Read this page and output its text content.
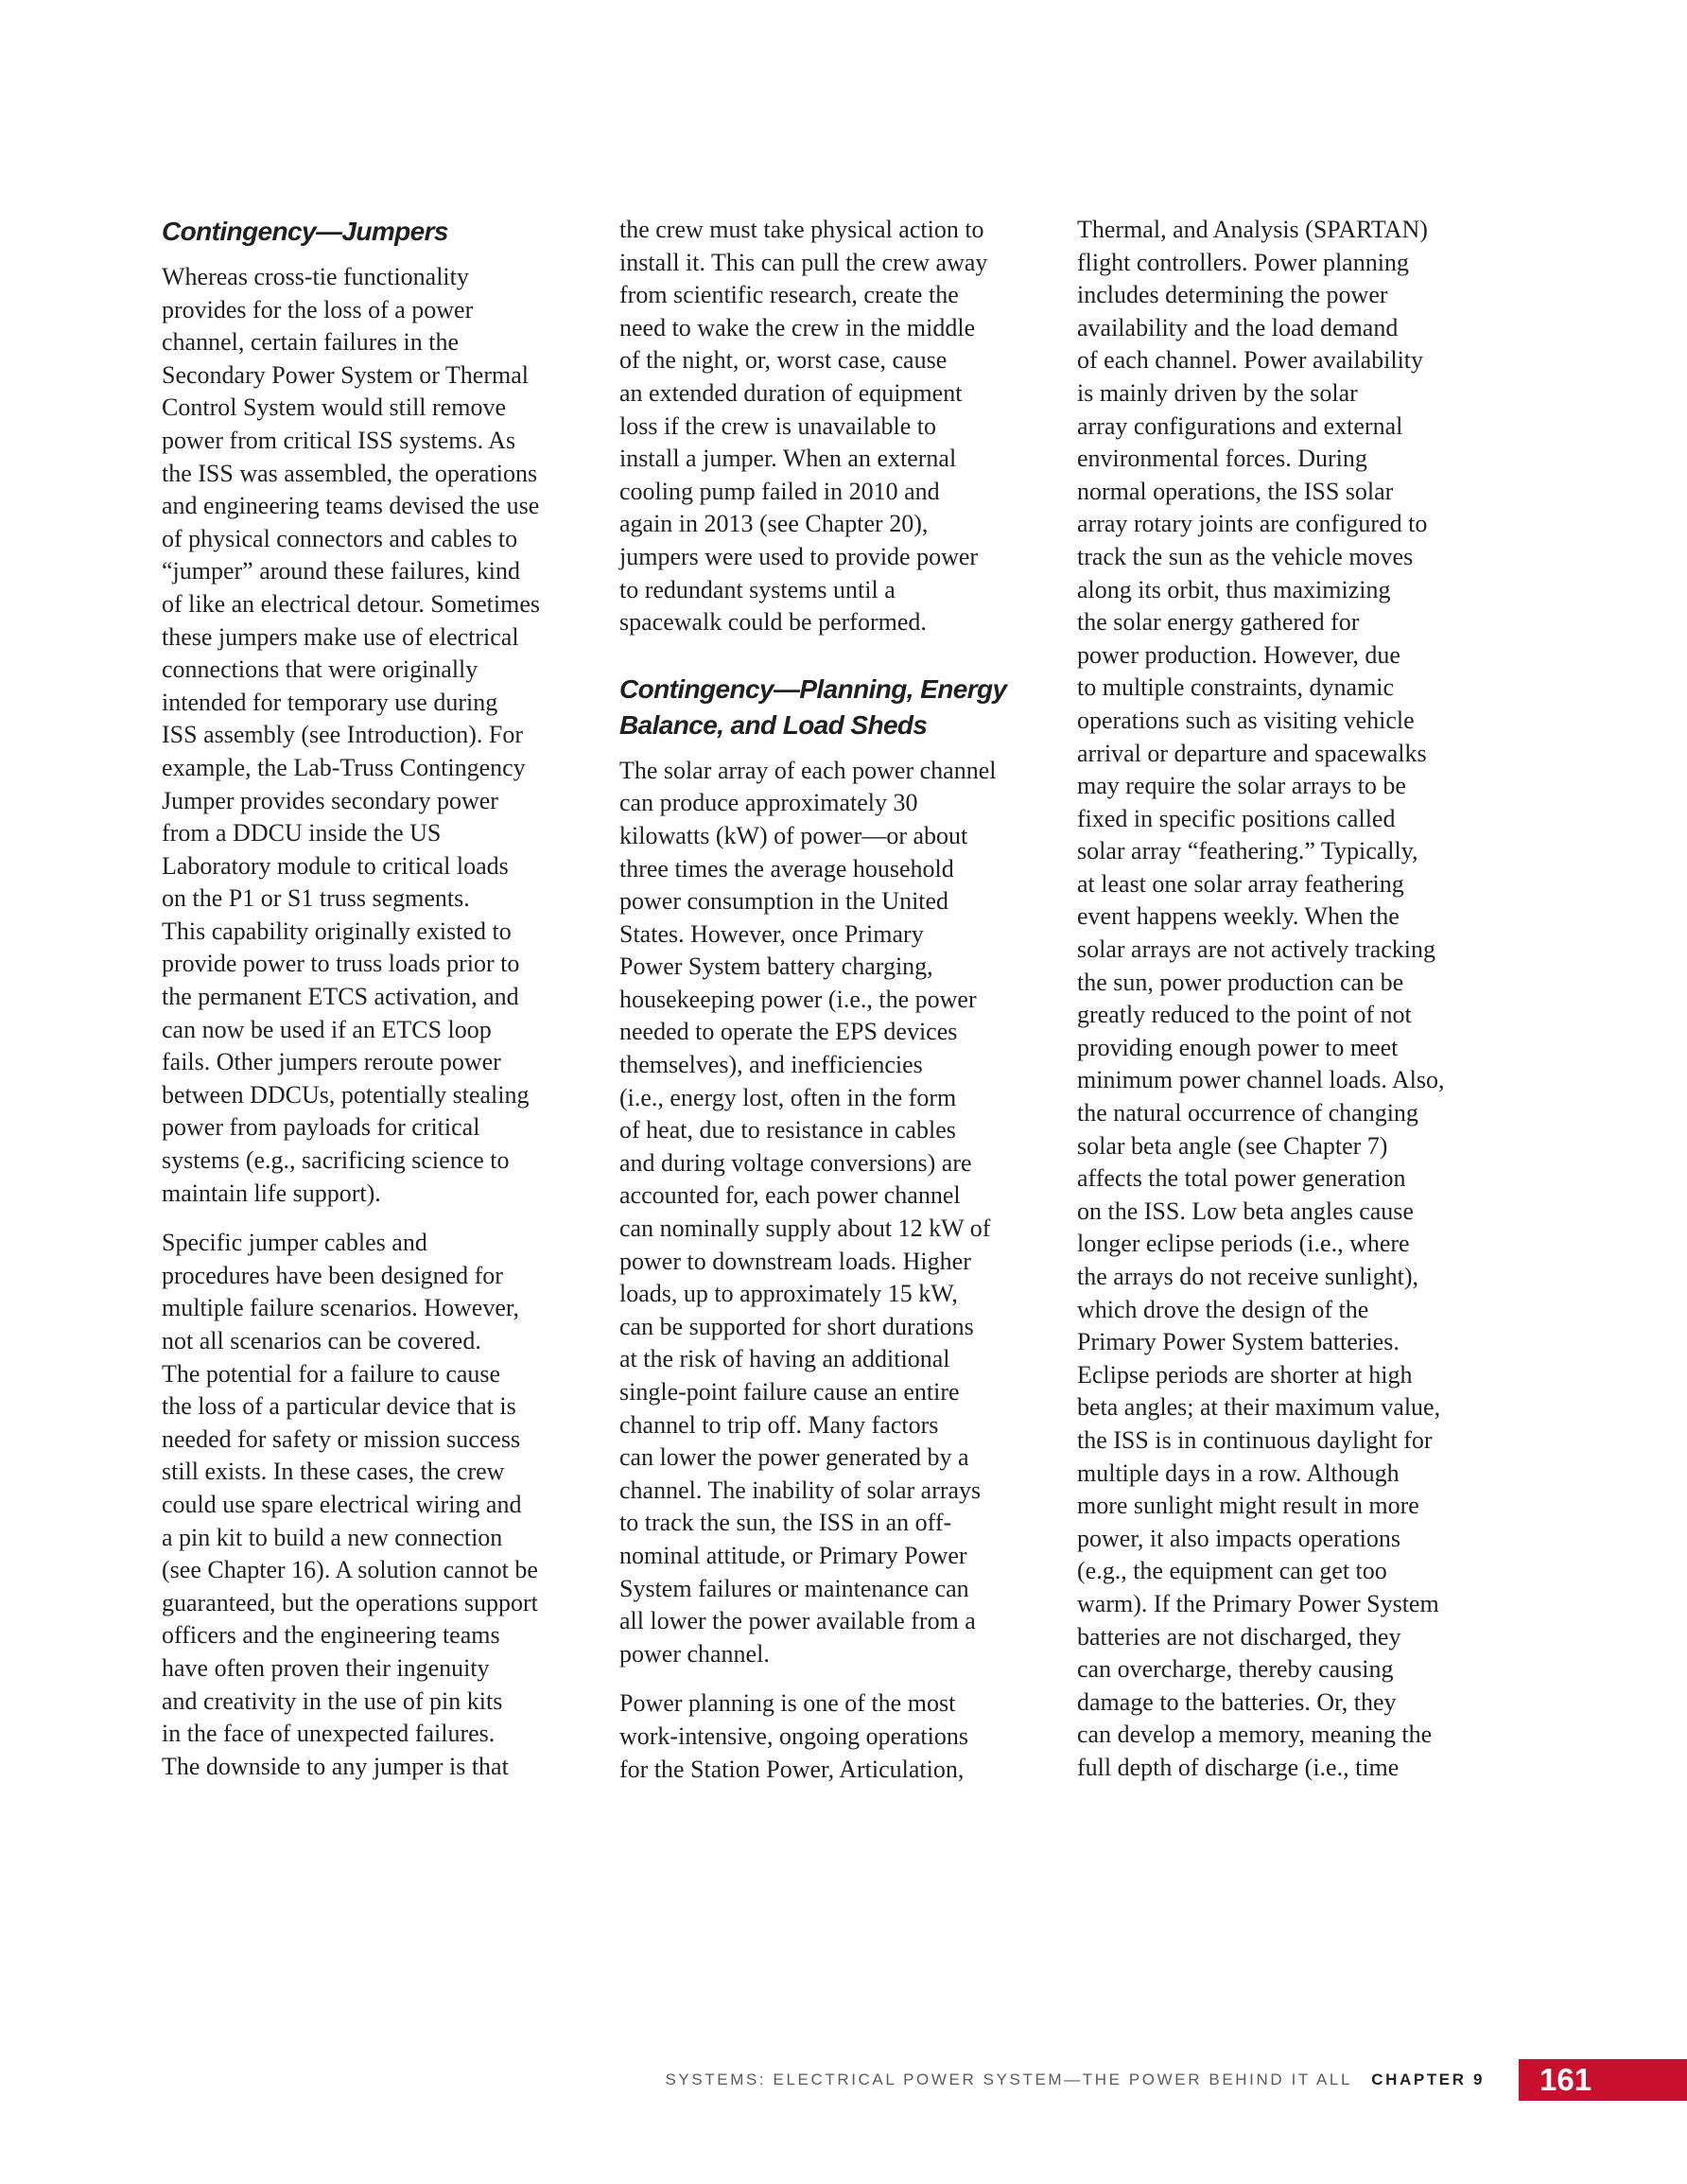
Contingency—Jumpers

Whereas cross-tie functionality
provides for the loss of a power
channel, certain failures in the
Secondary Power System or Thermal
Control System would still remove
power from critical ISS systems. As
the ISS was assembled, the operations
and engineering teams devised the use
of physical connectors and cables to
“jumper” around these failures, kind
of like an electrical detour. Sometimes
these jumpers make use of electrical
connections that were originally
intended for temporary use during
ISS assembly (see Introduction). For
example, the Lab-Truss Contingency
Jumper provides secondary power
from a DDCU inside the US
Laboratory module to critical loads
on the P1 or S1 truss segments.
This capability originally existed to
provide power to truss loads prior to
the permanent ETCS activation, and
can now be used if an ETCS loop
fails. Other jumpers reroute power
between DDCUs, potentially stealing
power from payloads for critical
systems (e.g., sacrificing science to
maintain life support).

Specific jumper cables and
procedures have been designed for
multiple failure scenarios. However,
not all scenarios can be covered.
The potential for a failure to cause
the loss of a particular device that is
needed for safety or mission success
still exists. In these cases, the crew
could use spare electrical wiring and
a pin kit to build a new connection
(see Chapter 16). A solution cannot be
guaranteed, but the operations support
officers and the engineering teams
have often proven their ingenuity
and creativity in the use of pin kits
in the face of unexpected failures.
The downside to any jumper is that

the crew must take physical action to
install it. This can pull the crew away
from scientific research, create the
need to wake the crew in the middle
of the night, or, worst case, cause
an extended duration of equipment
loss if the crew is unavailable to
install a jumper. When an external
cooling pump failed in 2010 and
again in 2013 (see Chapter 20),
jumpers were used to provide power
to redundant systems until a
spacewalk could be performed.

Contingency—Planning, Energy
Balance, and Load Sheds

The solar array of each power channel
can produce approximately 30
kilowatts (kW) of power—or about
three times the average household
power consumption in the United
States. However, once Primary
Power System battery charging,
housekeeping power (i.e., the power
needed to operate the EPS devices
themselves), and inefficiencies
(i.e., energy lost, often in the form
of heat, due to resistance in cables
and during voltage conversions) are
accounted for, each power channel
can nominally supply about 12 kW of
power to downstream loads. Higher
loads, up to approximately 15 kW,
can be supported for short durations
at the risk of having an additional
single-point failure cause an entire
channel to trip off. Many factors
can lower the power generated by a
channel. The inability of solar arrays
to track the sun, the ISS in an off-
nominal attitude, or Primary Power
System failures or maintenance can
all lower the power available from a
power channel.

Power planning is one of the most
work-intensive, ongoing operations
for the Station Power, Articulation,

Thermal, and Analysis (SPARTAN)
flight controllers. Power planning
includes determining the power
availability and the load demand
of each channel. Power availability
is mainly driven by the solar
array configurations and external
environmental forces. During
normal operations, the ISS solar
array rotary joints are configured to
track the sun as the vehicle moves
along its orbit, thus maximizing
the solar energy gathered for
power production. However, due
to multiple constraints, dynamic
operations such as visiting vehicle
arrival or departure and spacewalks
may require the solar arrays to be
fixed in specific positions called
solar array “feathering.” Typically,
at least one solar array feathering
event happens weekly. When the
solar arrays are not actively tracking
the sun, power production can be
greatly reduced to the point of not
providing enough power to meet
minimum power channel loads. Also,
the natural occurrence of changing
solar beta angle (see Chapter 7)
affects the total power generation
on the ISS. Low beta angles cause
longer eclipse periods (i.e., where
the arrays do not receive sunlight),
which drove the design of the
Primary Power System batteries.
Eclipse periods are shorter at high
beta angles; at their maximum value,
the ISS is in continuous daylight for
multiple days in a row. Although
more sunlight might result in more
power, it also impacts operations
(e.g., the equipment can get too
warm). If the Primary Power System
batteries are not discharged, they
can overcharge, thereby causing
damage to the batteries. Or, they
can develop a memory, meaning the
full depth of discharge (i.e., time

SYSTEMS: ELECTRICAL POWER SYSTEM—THE POWER BEHIND IT ALL CHAPTER 9	161
